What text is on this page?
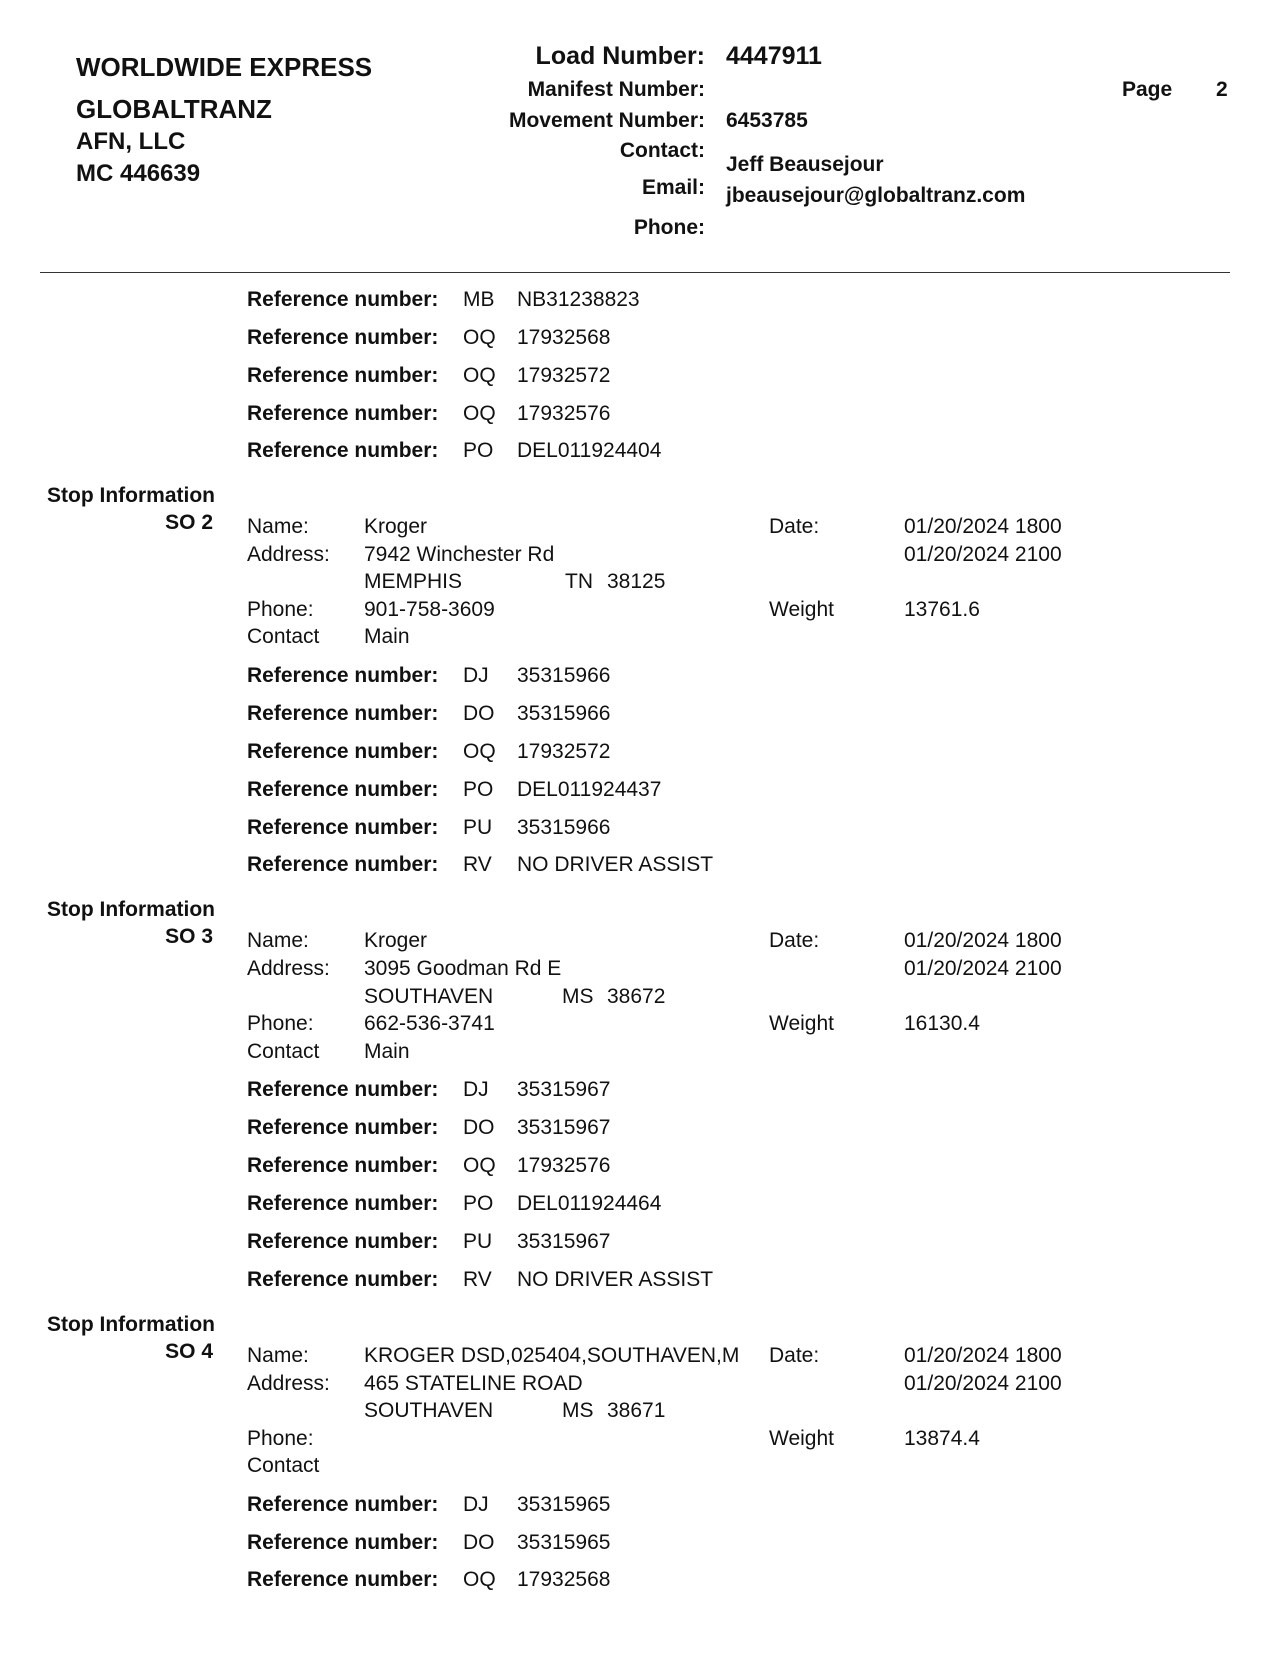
WORLDWIDE EXPRESS
GLOBALTRANZ
AFN, LLC
MC 446639
Load Number: 4447911
Manifest Number:
Movement Number: 6453785
Contact:
Jeff Beausejour
Email: jbeausejour@globaltranz.com
Phone:
Page 2
Reference number: MB NB31238823
Reference number: OQ 17932568
Reference number: OQ 17932572
Reference number: OQ 17932576
Reference number: PO DEL011924404
Stop Information
SO 2 Name:	Kroger	Date:	01/20/2024 1800
Address: 7942 Winchester Rd	01/20/2024 2100
MEMPHIS	TN 38125
Phone: 901-758-3609	Weight	13761.6
Contact Main
Reference number: DJ 35315966
Reference number: DO 35315966
Reference number: OQ 17932572
Reference number: PO DEL011924437
Reference number: PU 35315966
Reference number: RV NO DRIVER ASSIST
Stop Information
SO 3 Name:	Kroger	Date:	01/20/2024 1800
Address: 3095 Goodman Rd E	01/20/2024 2100
SOUTHAVEN	MS 38672
Phone: 662-536-3741	Weight	16130.4
Contact Main
Reference number: DJ 35315967
Reference number: DO 35315967
Reference number: OQ 17932576
Reference number: PO DEL011924464
Reference number: PU 35315967
Reference number: RV NO DRIVER ASSIST
Stop Information
SO 4 Name:	KROGER DSD,025404,SOUTHAVEN,M Date:	01/20/2024 1800
Address: 465 STATELINE ROAD	01/20/2024 2100
SOUTHAVEN	MS 38671
Phone:	Weight	13874.4
Contact
Reference number: DJ 35315965
Reference number: DO 35315965
Reference number: OQ 17932568
